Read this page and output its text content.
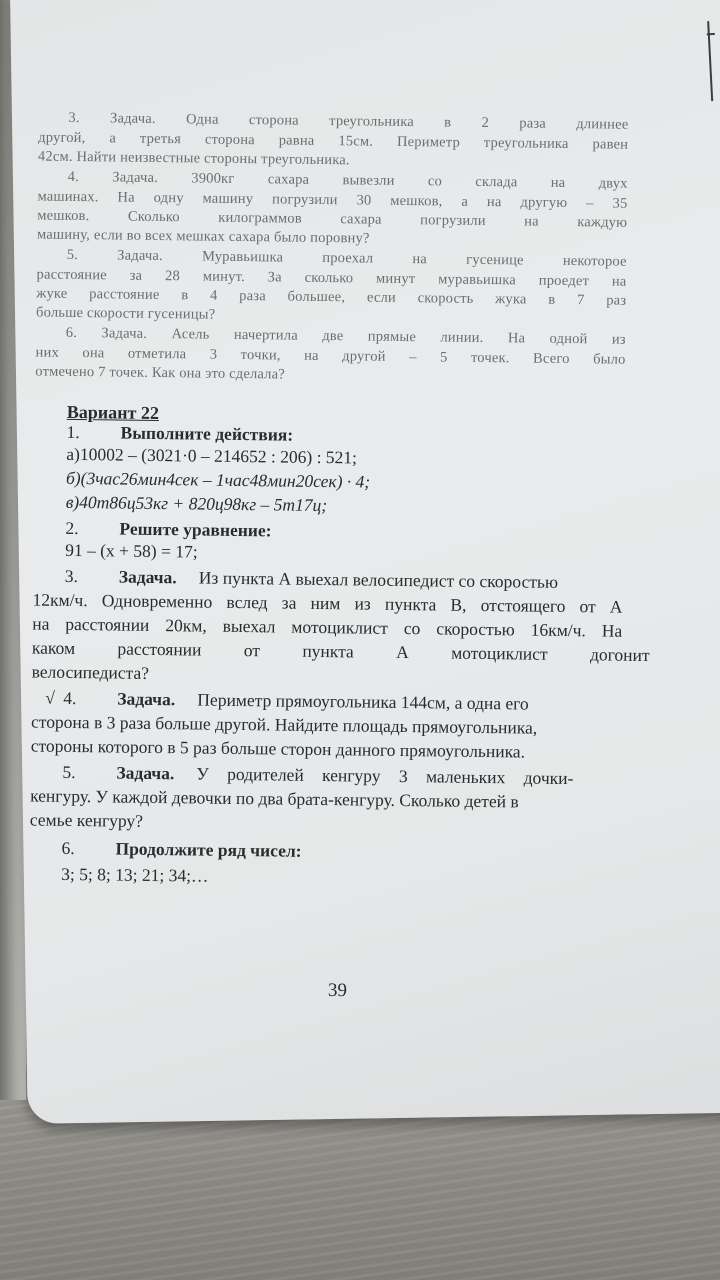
3. Задача. Одна сторона треугольника в 2 раза длиннее
другой, а третья сторона равна 15см. Периметр треугольника равен
42см. Найти неизвестные стороны треугольника.
4. Задача. 3900кг сахара вывезли со склада на двух
машинах. На одну машину погрузили 30 мешков, а на другую – 35
мешков. Сколько килограммов сахара погрузили на каждую
машину, если во всех мешках сахара было поровну?
5. Задача. Муравьишка проехал на гусенице некоторое
расстояние за 28 минут. За сколько минут муравьишка проедет на
жуке расстояние в 4 раза большее, если скорость жука в 7 раз
больше скорости гусеницы?
6. Задача. Асель начертила две прямые линии. На одной из
них она отметила 3 точки, на другой – 5 точек. Всего было
отмечено 7 точек. Как она это сделала?
Вариант 22
1. Выполните действия:
а)10002 – (3021·0 – 214652 : 206) : 521;
б)(3час26мин4сек – 1час48мин20сек) · 4;
в)40т86ц53кг + 820ц98кг – 5т17ц;
2. Решите уравнение:
91 – (x + 58) = 17;
3. Задача. Из пункта А выехал велосипедист со скоростью
12км/ч. Одновременно вслед за ним из пункта В, отстоящего от А
на расстоянии 20км, выехал мотоциклист со скоростью 16км/ч. На
каком расстоянии от пункта А мотоциклист догонит
велосипедиста?
√ 4. Задача. Периметр прямоугольника 144см, а одна его
сторона в 3 раза больше другой. Найдите площадь прямоугольника,
стороны которого в 5 раз больше сторон данного прямоугольника.
5. Задача. У родителей кенгуру 3 маленьких дочки-
кенгуру. У каждой девочки по два брата-кенгуру. Сколько детей в
семье кенгуру?
6. Продолжите ряд чисел:
3; 5; 8; 13; 21; 34;…
39
